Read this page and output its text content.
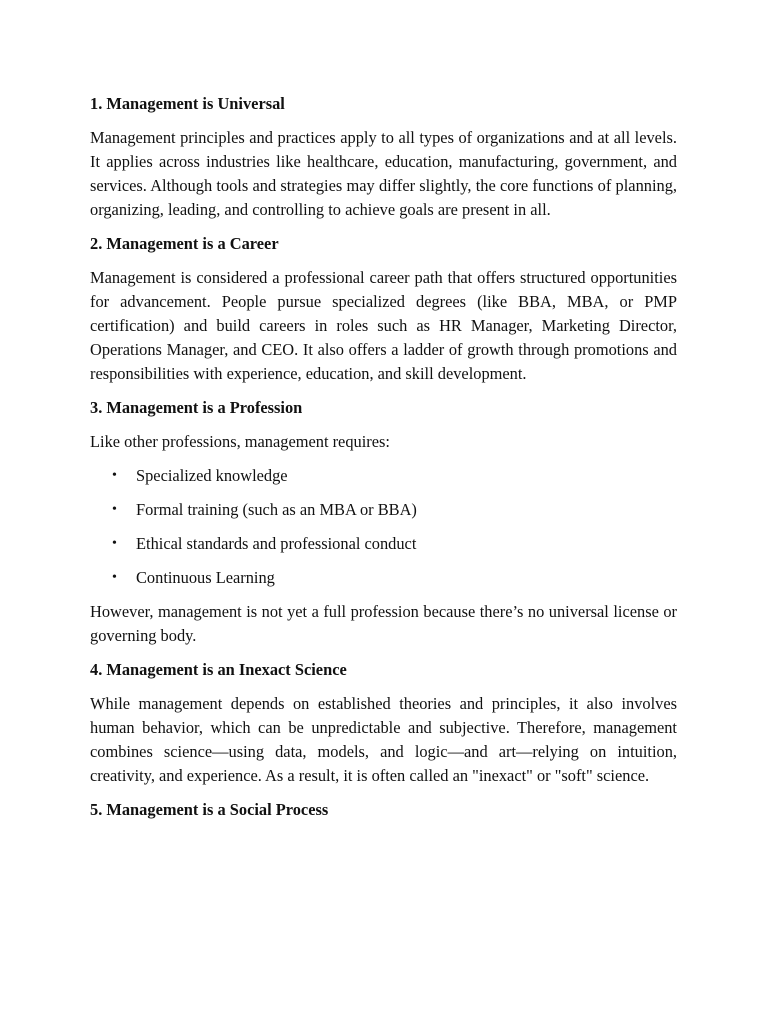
1. Management is Universal

Management principles and practices apply to all types of organizations and at all levels. It applies across industries like healthcare, education, manufacturing, government, and services. Although tools and strategies may differ slightly, the core functions of planning, organizing, leading, and controlling to achieve goals are present in all.

2. Management is a Career

Management is considered a professional career path that offers structured opportunities for advancement. People pursue specialized degrees (like BBA, MBA, or PMP certification) and build careers in roles such as HR Manager, Marketing Director, Operations Manager, and CEO. It also offers a ladder of growth through promotions and responsibilities with experience, education, and skill development.

3. Management is a Profession

Like other professions, management requires:

• Specialized knowledge
• Formal training (such as an MBA or BBA)
• Ethical standards and professional conduct
• Continuous Learning

However, management is not yet a full profession because there’s no universal license or governing body.

4. Management is an Inexact Science

While management depends on established theories and principles, it also involves human behavior, which can be unpredictable and subjective. Therefore, management combines science—using data, models, and logic—and art—relying on intuition, creativity, and experience. As a result, it is often called an "inexact" or "soft" science.

5. Management is a Social Process
